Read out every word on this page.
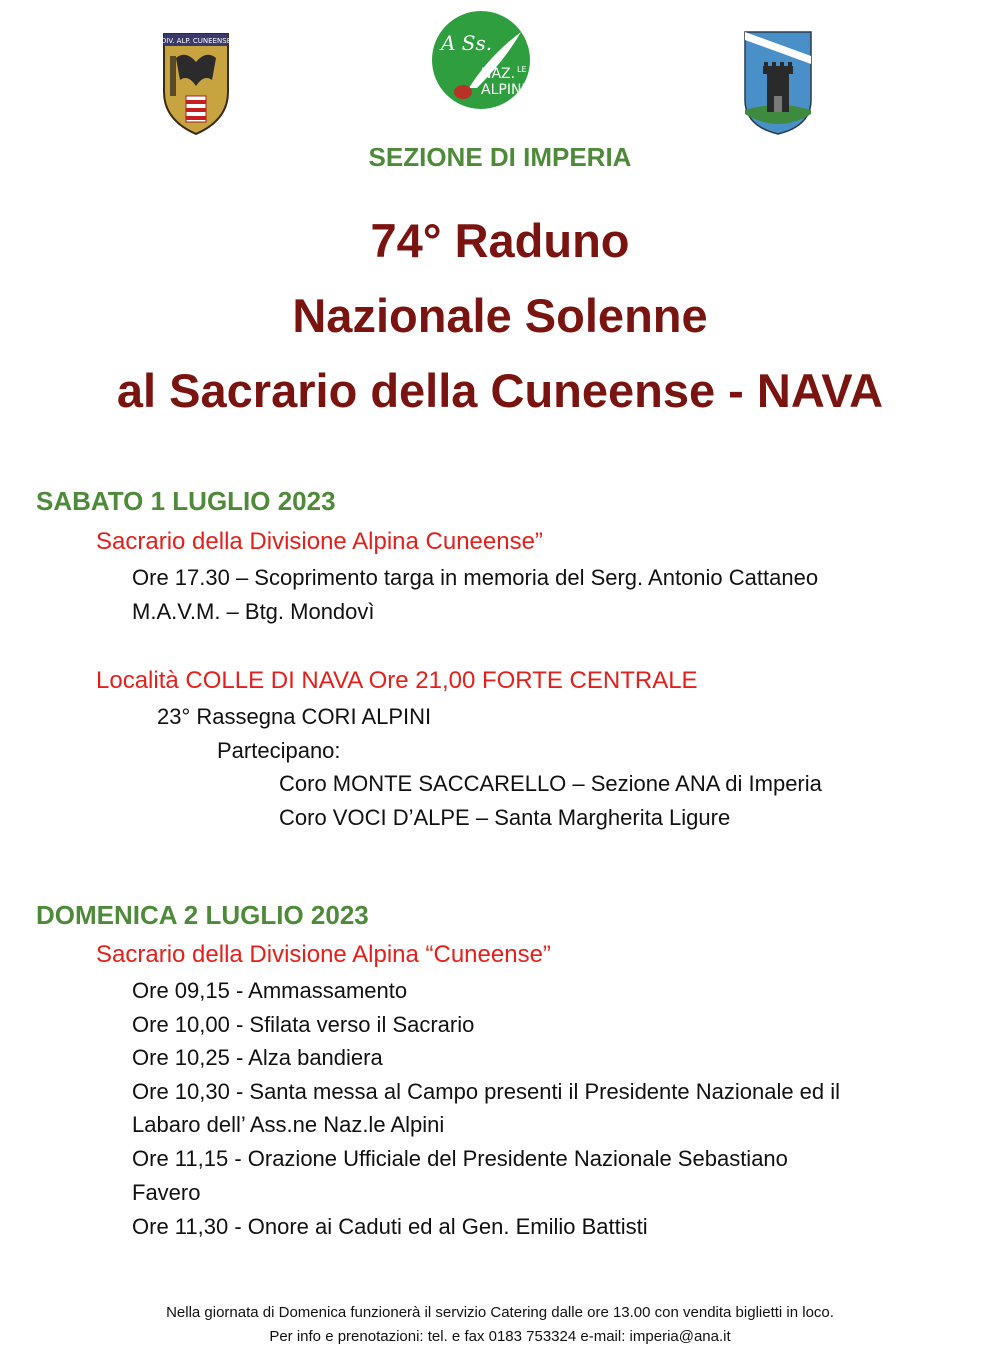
DIV. ALP. CUNEENSE	A Ss.
NAZ. LE
ALPINI
SEZIONE DI IMPERIA
74° Raduno
Nazionale Solenne
al Sacrario della Cuneense - NAVA
SABATO 1 LUGLIO 2023
Sacrario della Divisione Alpina Cuneense”
Ore 17.30 – Scoprimento targa in memoria del Serg. Antonio Cattaneo
M.A.V.M. – Btg. Mondovì
Località COLLE DI NAVA Ore 21,00 FORTE CENTRALE
23° Rassegna CORI ALPINI
Partecipano:
Coro MONTE SACCARELLO – Sezione ANA di Imperia
Coro VOCI D’ALPE – Santa Margherita Ligure
DOMENICA 2 LUGLIO 2023
Sacrario della Divisione Alpina “Cuneense”
Ore 09,15 - Ammassamento
Ore 10,00 - Sfilata verso il Sacrario
Ore 10,25 - Alza bandiera
Ore 10,30 - Santa messa al Campo presenti il Presidente Nazionale ed il
Labaro dell’ Ass.ne Naz.le Alpini
Ore 11,15 - Orazione Ufficiale del Presidente Nazionale Sebastiano
Favero
Ore 11,30 - Onore ai Caduti ed al Gen. Emilio Battisti
Nella giornata di Domenica funzionerà il servizio Catering dalle ore 13.00 con vendita biglietti in loco.
Per info e prenotazioni: tel. e fax 0183 753324 e-mail: imperia@ana.it
